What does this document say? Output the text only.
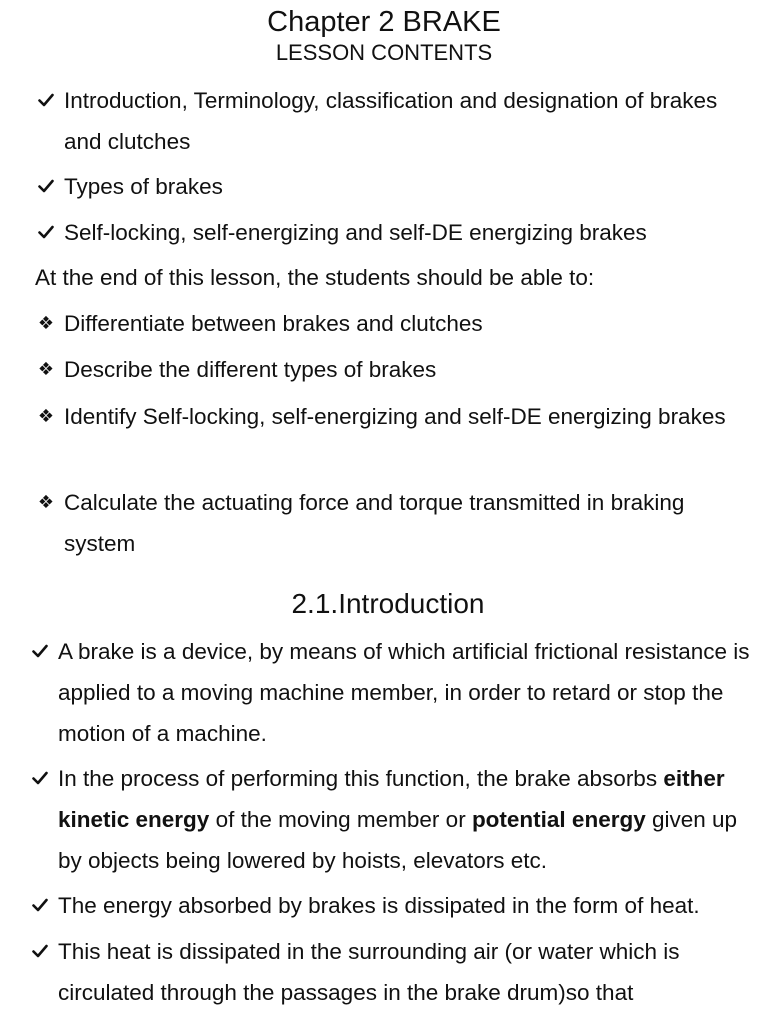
Chapter 2 BRAKE
LESSON CONTENTS
Introduction, Terminology, classification and designation of brakes and clutches
Types of brakes
Self-locking, self-energizing and self-DE energizing brakes
At the end of this lesson, the students should be able to:
❖ Differentiate between brakes and clutches
❖ Describe the different types of brakes
❖ Identify Self-locking, self-energizing and self-DE energizing brakes
❖ Calculate the actuating force and torque transmitted in braking system
2.1.Introduction
A brake is a device, by means of which artificial frictional resistance is applied to a moving machine member, in order to retard or stop the motion of a machine.
In the process of performing this function, the brake absorbs either kinetic energy of the moving member or potential energy given up by objects being lowered by hoists, elevators etc.
The energy absorbed by brakes is dissipated in the form of heat.
This heat is dissipated in the surrounding air (or water which is circulated through the passages in the brake drum)so that
